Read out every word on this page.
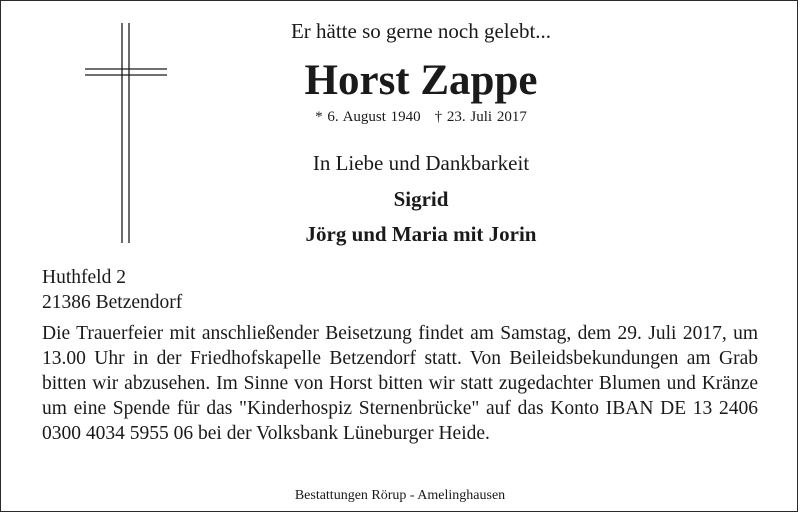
Er hätte so gerne noch gelebt...
Horst Zappe
* 6. August 1940 † 23. Juli 2017
In Liebe und Dankbarkeit
Sigrid
Jörg und Maria mit Jorin
Huthfeld 2
21386 Betzendorf
Die Trauerfeier mit anschließender Beisetzung findet am Samstag, dem 29. Juli 2017, um 13.00 Uhr in der Friedhofskapelle Betzendorf statt. Von Beileidsbekundungen am Grab bitten wir abzusehen. Im Sinne von Horst bitten wir statt zugedachter Blumen und Kränze um eine Spende für das "Kinderhospiz Sternenbrücke" auf das Konto IBAN DE 13 2406 0300 4034 5955 06 bei der Volksbank Lüneburger Heide.
Bestattungen Rörup - Amelinghausen
